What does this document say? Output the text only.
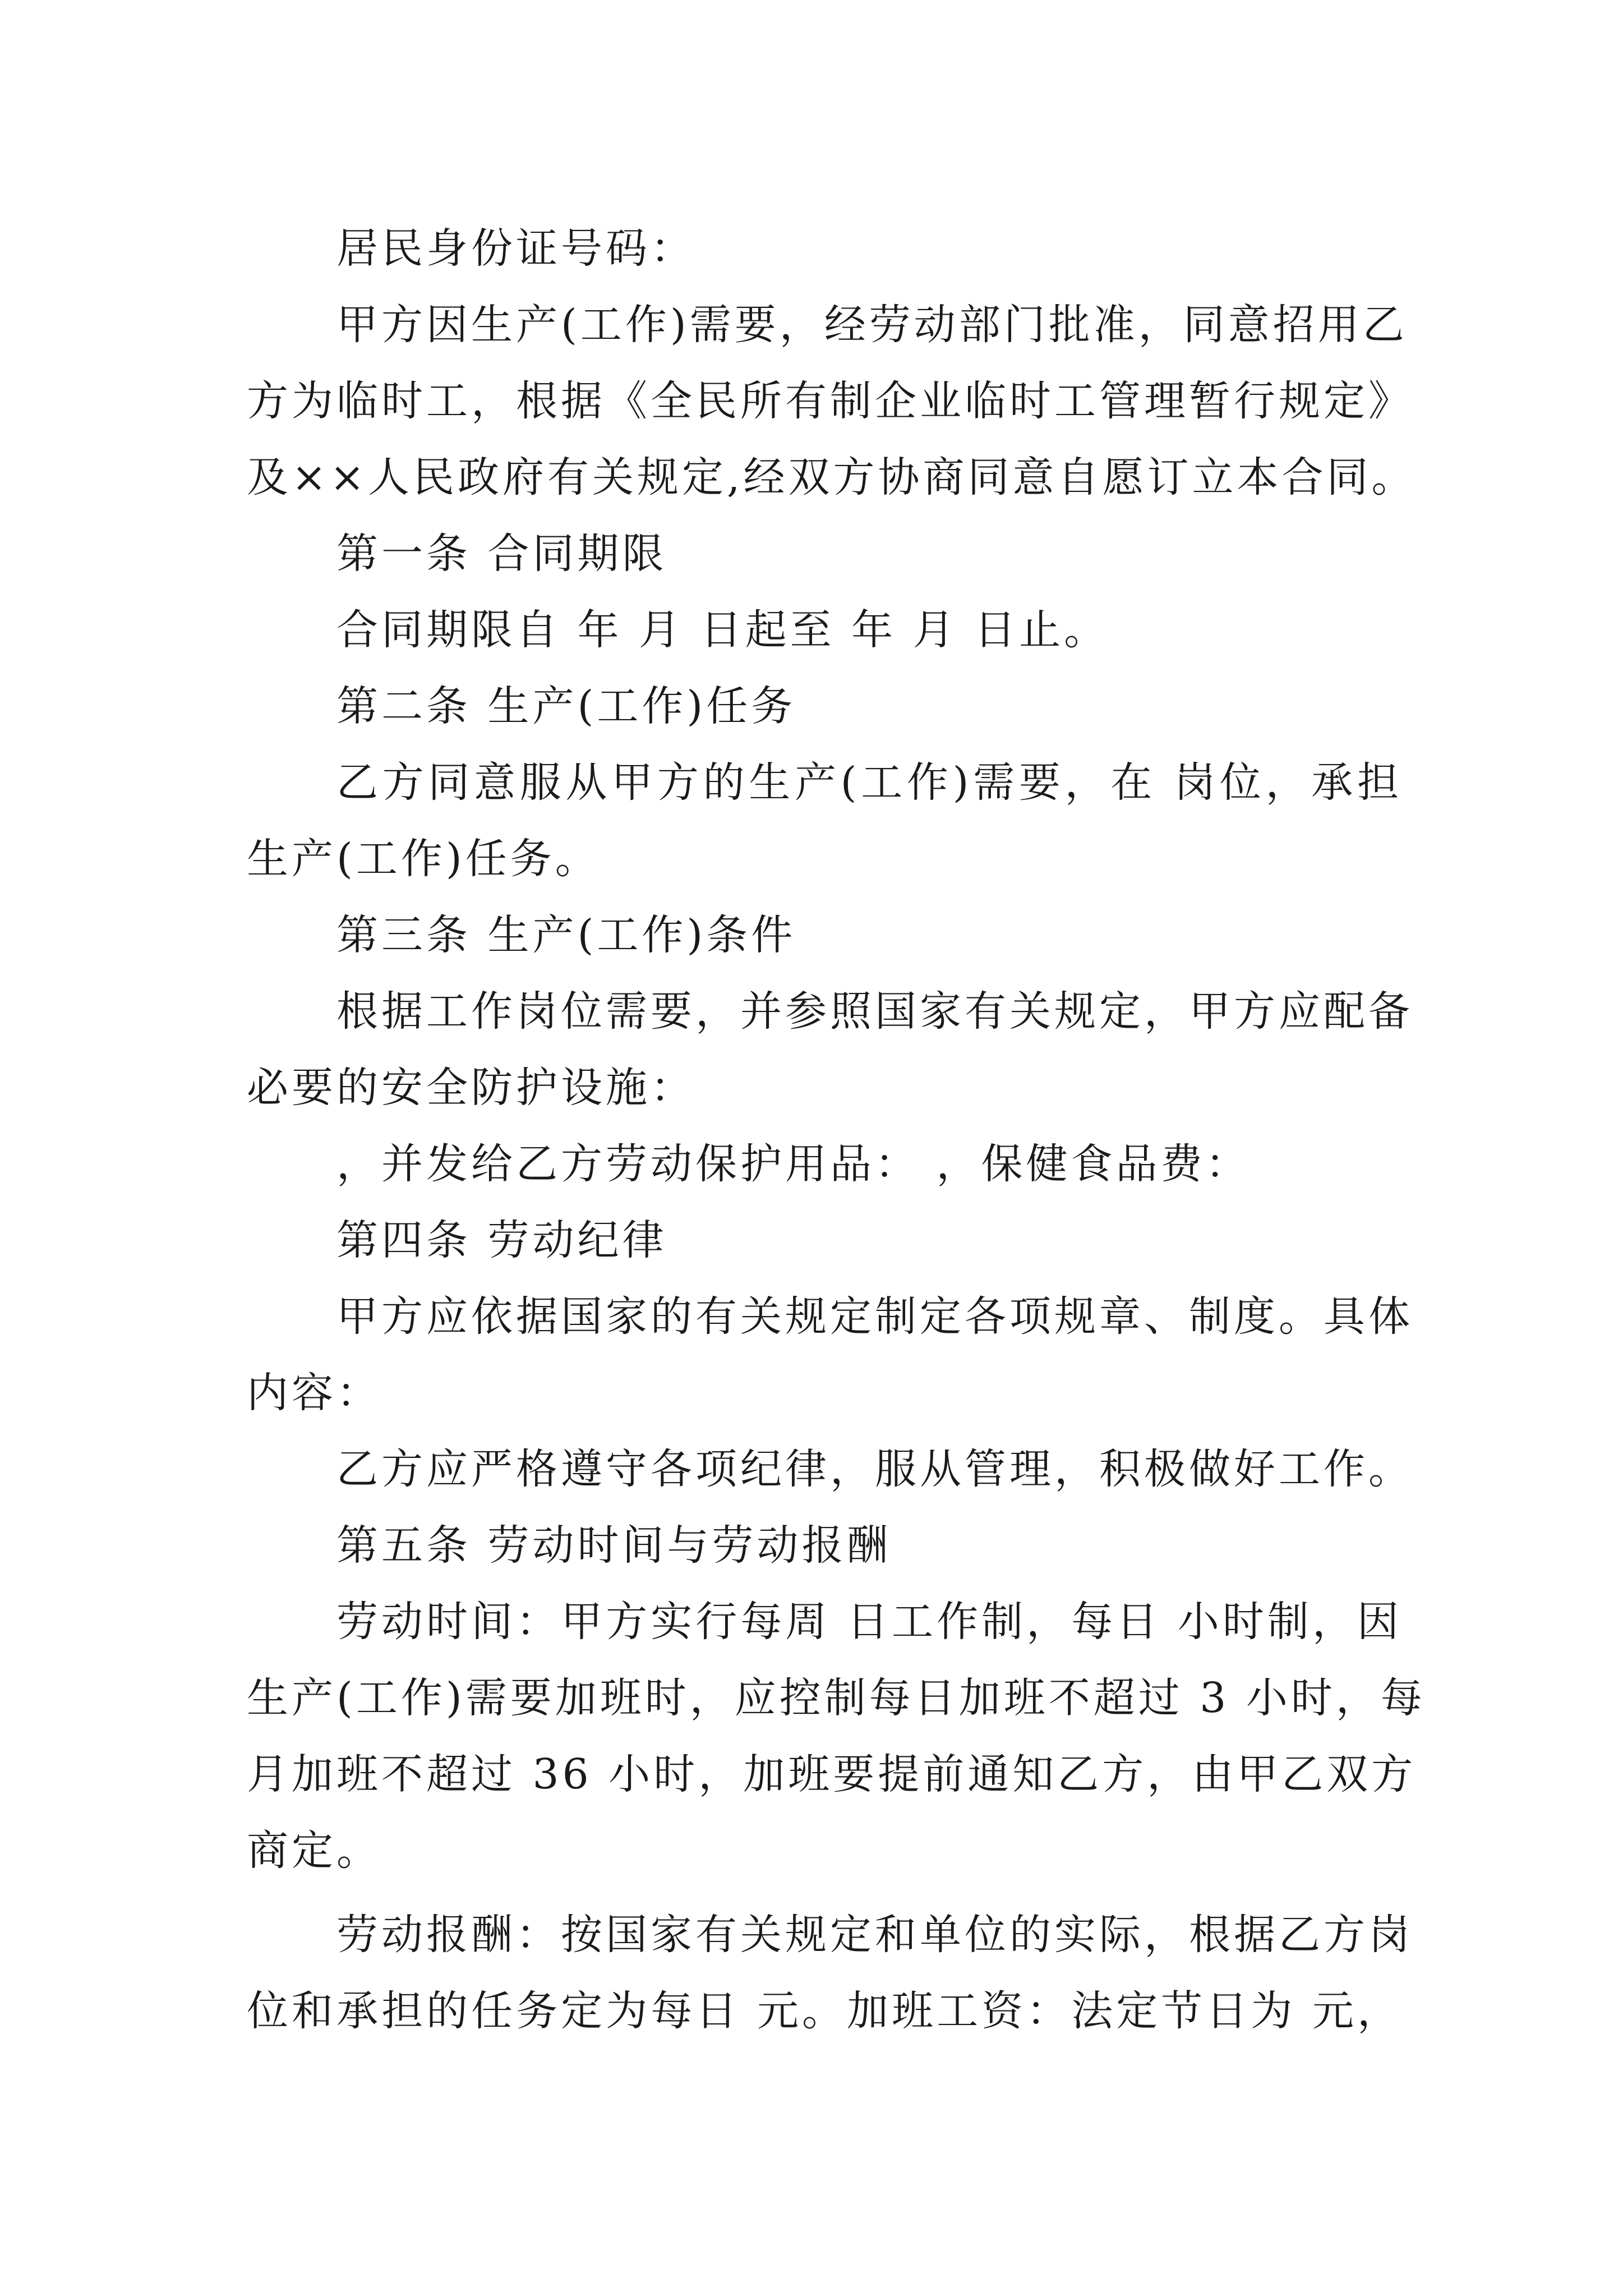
居民身份证号码：
甲方因生产(工作)需要，经劳动部门批准，同意招用乙
方为临时工，根据《全民所有制企业临时工管理暂行规定》
及××人民政府有关规定,经双方协商同意自愿订立本合同。
第一条 合同期限
合同期限自 年 月 日起至 年 月 日止。
第二条 生产(工作)任务
乙方同意服从甲方的生产(工作)需要，在 岗位，承担
生产(工作)任务。
第三条 生产(工作)条件
根据工作岗位需要，并参照国家有关规定，甲方应配备
必要的安全防护设施：
，并发给乙方劳动保护用品： ，保健食品费：
第四条 劳动纪律
甲方应依据国家的有关规定制定各项规章、制度。具体
内容：
乙方应严格遵守各项纪律，服从管理，积极做好工作。
第五条 劳动时间与劳动报酬
劳动时间：甲方实行每周 日工作制，每日 小时制，因
生产(工作)需要加班时，应控制每日加班不超过 3 小时，每
月加班不超过 36 小时，加班要提前通知乙方，由甲乙双方
商定。
劳动报酬：按国家有关规定和单位的实际，根据乙方岗
位和承担的任务定为每日 元。加班工资：法定节日为 元，
